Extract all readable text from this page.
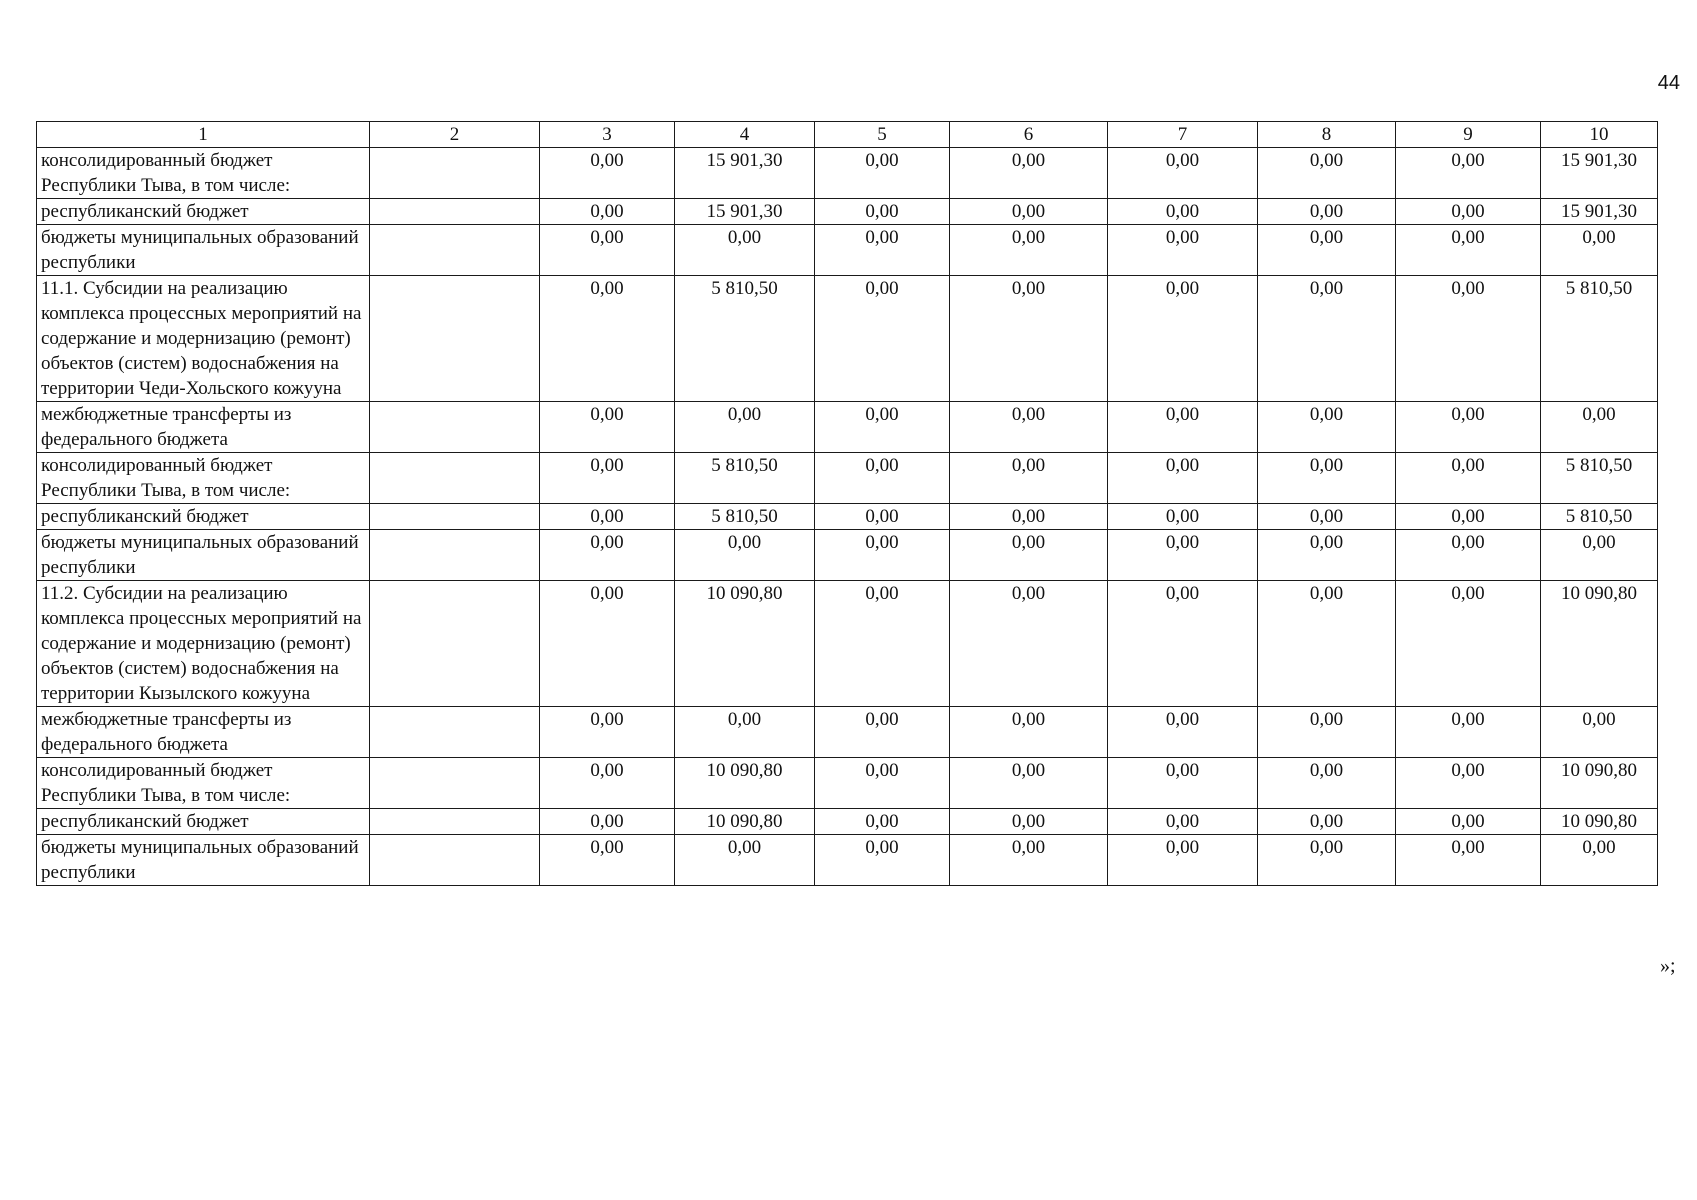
44
1	2	3	4	5	6	7	8	9	10
консолидированный бюджет Республики Тыва, в том числе:		0,00	15 901,30	0,00	0,00	0,00	0,00	0,00	15 901,30
республиканский бюджет		0,00	15 901,30	0,00	0,00	0,00	0,00	0,00	15 901,30
бюджеты муниципальных образований республики		0,00	0,00	0,00	0,00	0,00	0,00	0,00	0,00
11.1. Субсидии на реализацию комплекса процессных мероприятий на содержание и модернизацию (ремонт) объектов (систем) водоснабжения на территории Чеди-Хольского кожууна		0,00	5 810,50	0,00	0,00	0,00	0,00	0,00	5 810,50
межбюджетные трансферты из федерального бюджета		0,00	0,00	0,00	0,00	0,00	0,00	0,00	0,00
консолидированный бюджет Республики Тыва, в том числе:		0,00	5 810,50	0,00	0,00	0,00	0,00	0,00	5 810,50
республиканский бюджет		0,00	5 810,50	0,00	0,00	0,00	0,00	0,00	5 810,50
бюджеты муниципальных образований республики		0,00	0,00	0,00	0,00	0,00	0,00	0,00	0,00
11.2. Субсидии на реализацию комплекса процессных мероприятий на содержание и модернизацию (ремонт) объектов (систем) водоснабжения на территории Кызылского кожууна		0,00	10 090,80	0,00	0,00	0,00	0,00	0,00	10 090,80
межбюджетные трансферты из федерального бюджета		0,00	0,00	0,00	0,00	0,00	0,00	0,00	0,00
консолидированный бюджет Республики Тыва, в том числе:		0,00	10 090,80	0,00	0,00	0,00	0,00	0,00	10 090,80
республиканский бюджет		0,00	10 090,80	0,00	0,00	0,00	0,00	0,00	10 090,80
бюджеты муниципальных образований республики		0,00	0,00	0,00	0,00	0,00	0,00	0,00	0,00
»;
